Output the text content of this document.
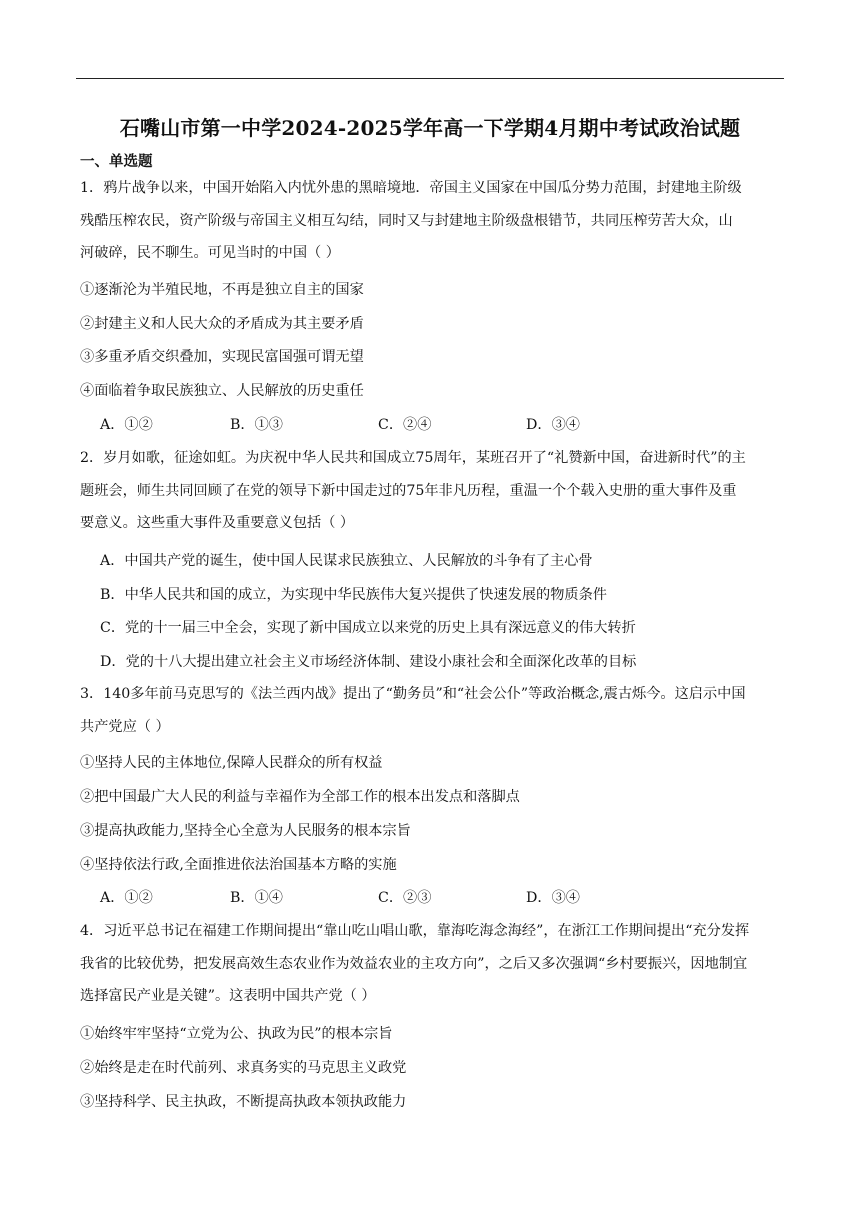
石嘴山市第一中学2024-2025学年高一下学期4月期中考试政治试题
一、单选题

1．鸦片战争以来，中国开始陷入内忧外患的黑暗境地．帝国主义国家在中国瓜分势力范围，封建地主阶级

残酷压榨农民，资产阶级与帝国主义相互勾结，同时又与封建地主阶级盘根错节，共同压榨劳苦大众，山

河破碎，民不聊生。可见当时的中国（ ）

①逐渐沦为半殖民地，不再是独立自主的国家
②封建主义和人民大众的矛盾成为其主要矛盾
③多重矛盾交织叠加，实现民富国强可谓无望
④面临着争取民族独立、人民解放的历史重任
A．①②	B．①③	C．②④	D．③④

2．岁月如歌，征途如虹。为庆祝中华人民共和国成立75周年，某班召开了“礼赞新中国，奋进新时代”的主

题班会，师生共同回顾了在党的领导下新中国走过的75年非凡历程，重温一个个载入史册的重大事件及重

要意义。这些重大事件及重要意义包括（ ）

A．中国共产党的诞生，使中国人民谋求民族独立、人民解放的斗争有了主心骨
B．中华人民共和国的成立，为实现中华民族伟大复兴提供了快速发展的物质条件
C．党的十一届三中全会，实现了新中国成立以来党的历史上具有深远意义的伟大转折
D．党的十八大提出建立社会主义市场经济体制、建设小康社会和全面深化改革的目标

3．140多年前马克思写的《法兰西内战》提出了“勤务员”和“社会公仆”等政治概念,震古烁今。这启示中国

共产党应（ ）

①坚持人民的主体地位,保障人民群众的所有权益
②把中国最广大人民的利益与幸福作为全部工作的根本出发点和落脚点
③提高执政能力,坚持全心全意为人民服务的根本宗旨
④坚持依法行政,全面推进依法治国基本方略的实施
A．①②	B．①④	C．②③	D．③④

4．习近平总书记在福建工作期间提出“靠山吃山唱山歌，靠海吃海念海经”，在浙江工作期间提出“充分发挥

我省的比较优势，把发展高效生态农业作为效益农业的主攻方向”，之后又多次强调“乡村要振兴，因地制宜

选择富民产业是关键”。这表明中国共产党（ ）

①始终牢牢坚持“立党为公、执政为民”的根本宗旨
②始终是走在时代前列、求真务实的马克思主义政党
③坚持科学、民主执政，不断提高执政本领执政能力
